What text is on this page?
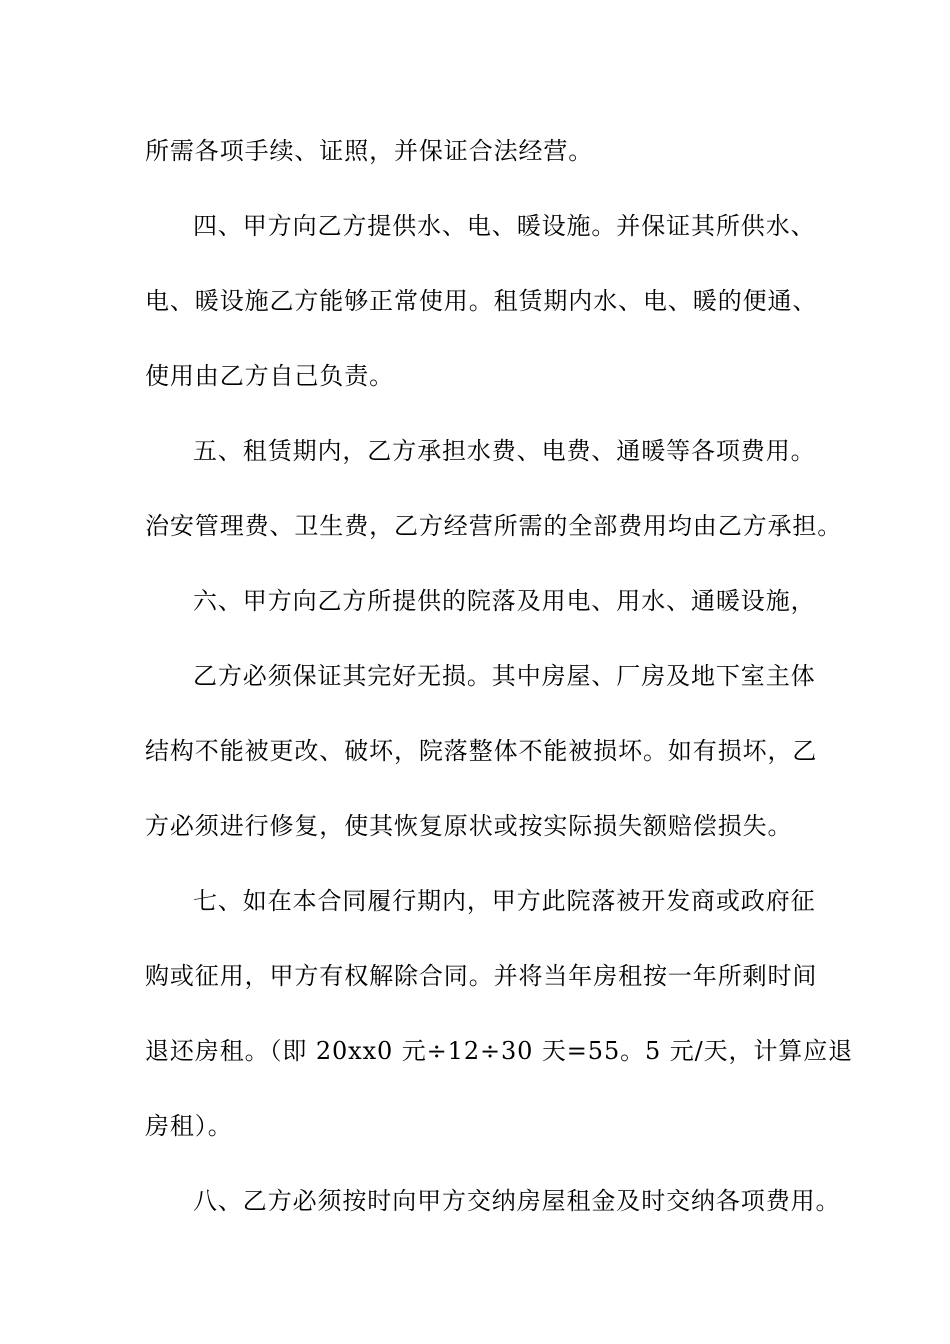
所需各项手续、证照，并保证合法经营。

四、甲方向乙方提供水、电、暖设施。并保证其所供水、

电、暖设施乙方能够正常使用。租赁期内水、电、暖的便通、

使用由乙方自己负责。

五、租赁期内，乙方承担水费、电费、通暖等各项费用。

治安管理费、卫生费，乙方经营所需的全部费用均由乙方承担。

六、甲方向乙方所提供的院落及用电、用水、通暖设施，

乙方必须保证其完好无损。其中房屋、厂房及地下室主体

结构不能被更改、破坏，院落整体不能被损坏。如有损坏，乙

方必须进行修复，使其恢复原状或按实际损失额赔偿损失。

七、如在本合同履行期内，甲方此院落被开发商或政府征

购或征用，甲方有权解除合同。并将当年房租按一年所剩时间

退还房租。（即 20xx0 元÷12÷30 天=55。5 元/天，计算应退

房租）。

八、乙方必须按时向甲方交纳房屋租金及时交纳各项费用。
